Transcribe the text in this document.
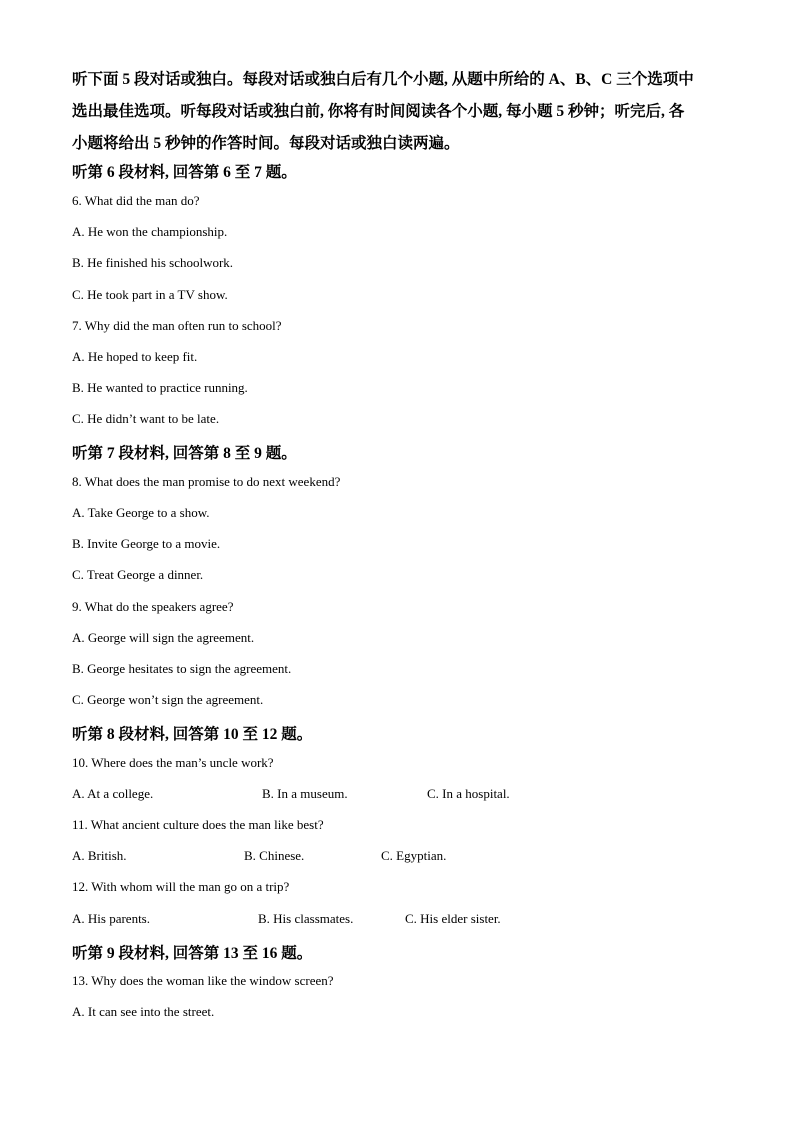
听下面 5 段对话或独白。每段对话或独白后有几个小题, 从题中所给的 A、B、C 三个选项中
选出最佳选项。听每段对话或独白前, 你将有时间阅读各个小题, 每小题 5 秒钟；听完后, 各
小题将给出 5 秒钟的作答时间。每段对话或独白读两遍。
听第 6 段材料, 回答第 6 至 7 题。
6. What did the man do?
A. He won the championship.
B. He finished his schoolwork.
C. He took part in a TV show.
7. Why did the man often run to school?
A. He hoped to keep fit.
B. He wanted to practice running.
C. He didn’t want to be late.
听第 7 段材料, 回答第 8 至 9 题。
8. What does the man promise to do next weekend?
A. Take George to a show.
B. Invite George to a movie.
C. Treat George a dinner.
9. What do the speakers agree?
A. George will sign the agreement.
B. George hesitates to sign the agreement.
C. George won’t sign the agreement.
听第 8 段材料, 回答第 10 至 12 题。
10. Where does the man’s uncle work?
A. At a college.	B. In a museum.	C. In a hospital.
11. What ancient culture does the man like best?
A. British.	B. Chinese.	C. Egyptian.
12. With whom will the man go on a trip?
A. His parents.	B. His classmates.	C. His elder sister.
听第 9 段材料, 回答第 13 至 16 题。
13. Why does the woman like the window screen?
A. It can see into the street.
